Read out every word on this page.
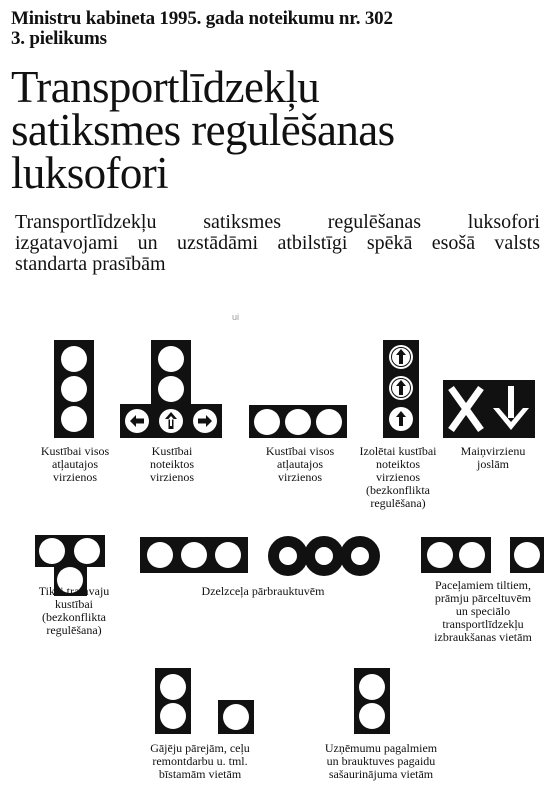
Ministru kabineta 1995. gada noteikumu nr. 302
3. pielikums
Transportlīdzekļu
satiksmes regulēšanas
luksofori
Transportlīdzekļu satiksmes regulēšanas luksofori
izgatavojami un uzstādāmi atbilstīgi spēkā esošā valsts
standarta prasībām
ui
Kustībai visos
atļautajos
virzienos
Kustībai
noteiktos
virzienos
Kustībai visos
atļautajos
virzienos
Izolētai kustībai
noteiktos
virzienos
(bezkonflikta
regulēšana)
Maiņvirzienu
joslām
Tikai tramvaju
kustībai
(bezkonflikta
regulēšana)
Dzelzceļa pārbrauktuvēm	Paceļamiem tiltiem,
prāmju pārceltuvēm
un speciālo
transportlīdzekļu
izbraukšanas vietām
Gājēju pārejām, ceļu
remontdarbu u. tml.
bīstamām vietām
Uzņēmumu pagalmiem
un brauktuves pagaidu
sašaurinājuma vietām
